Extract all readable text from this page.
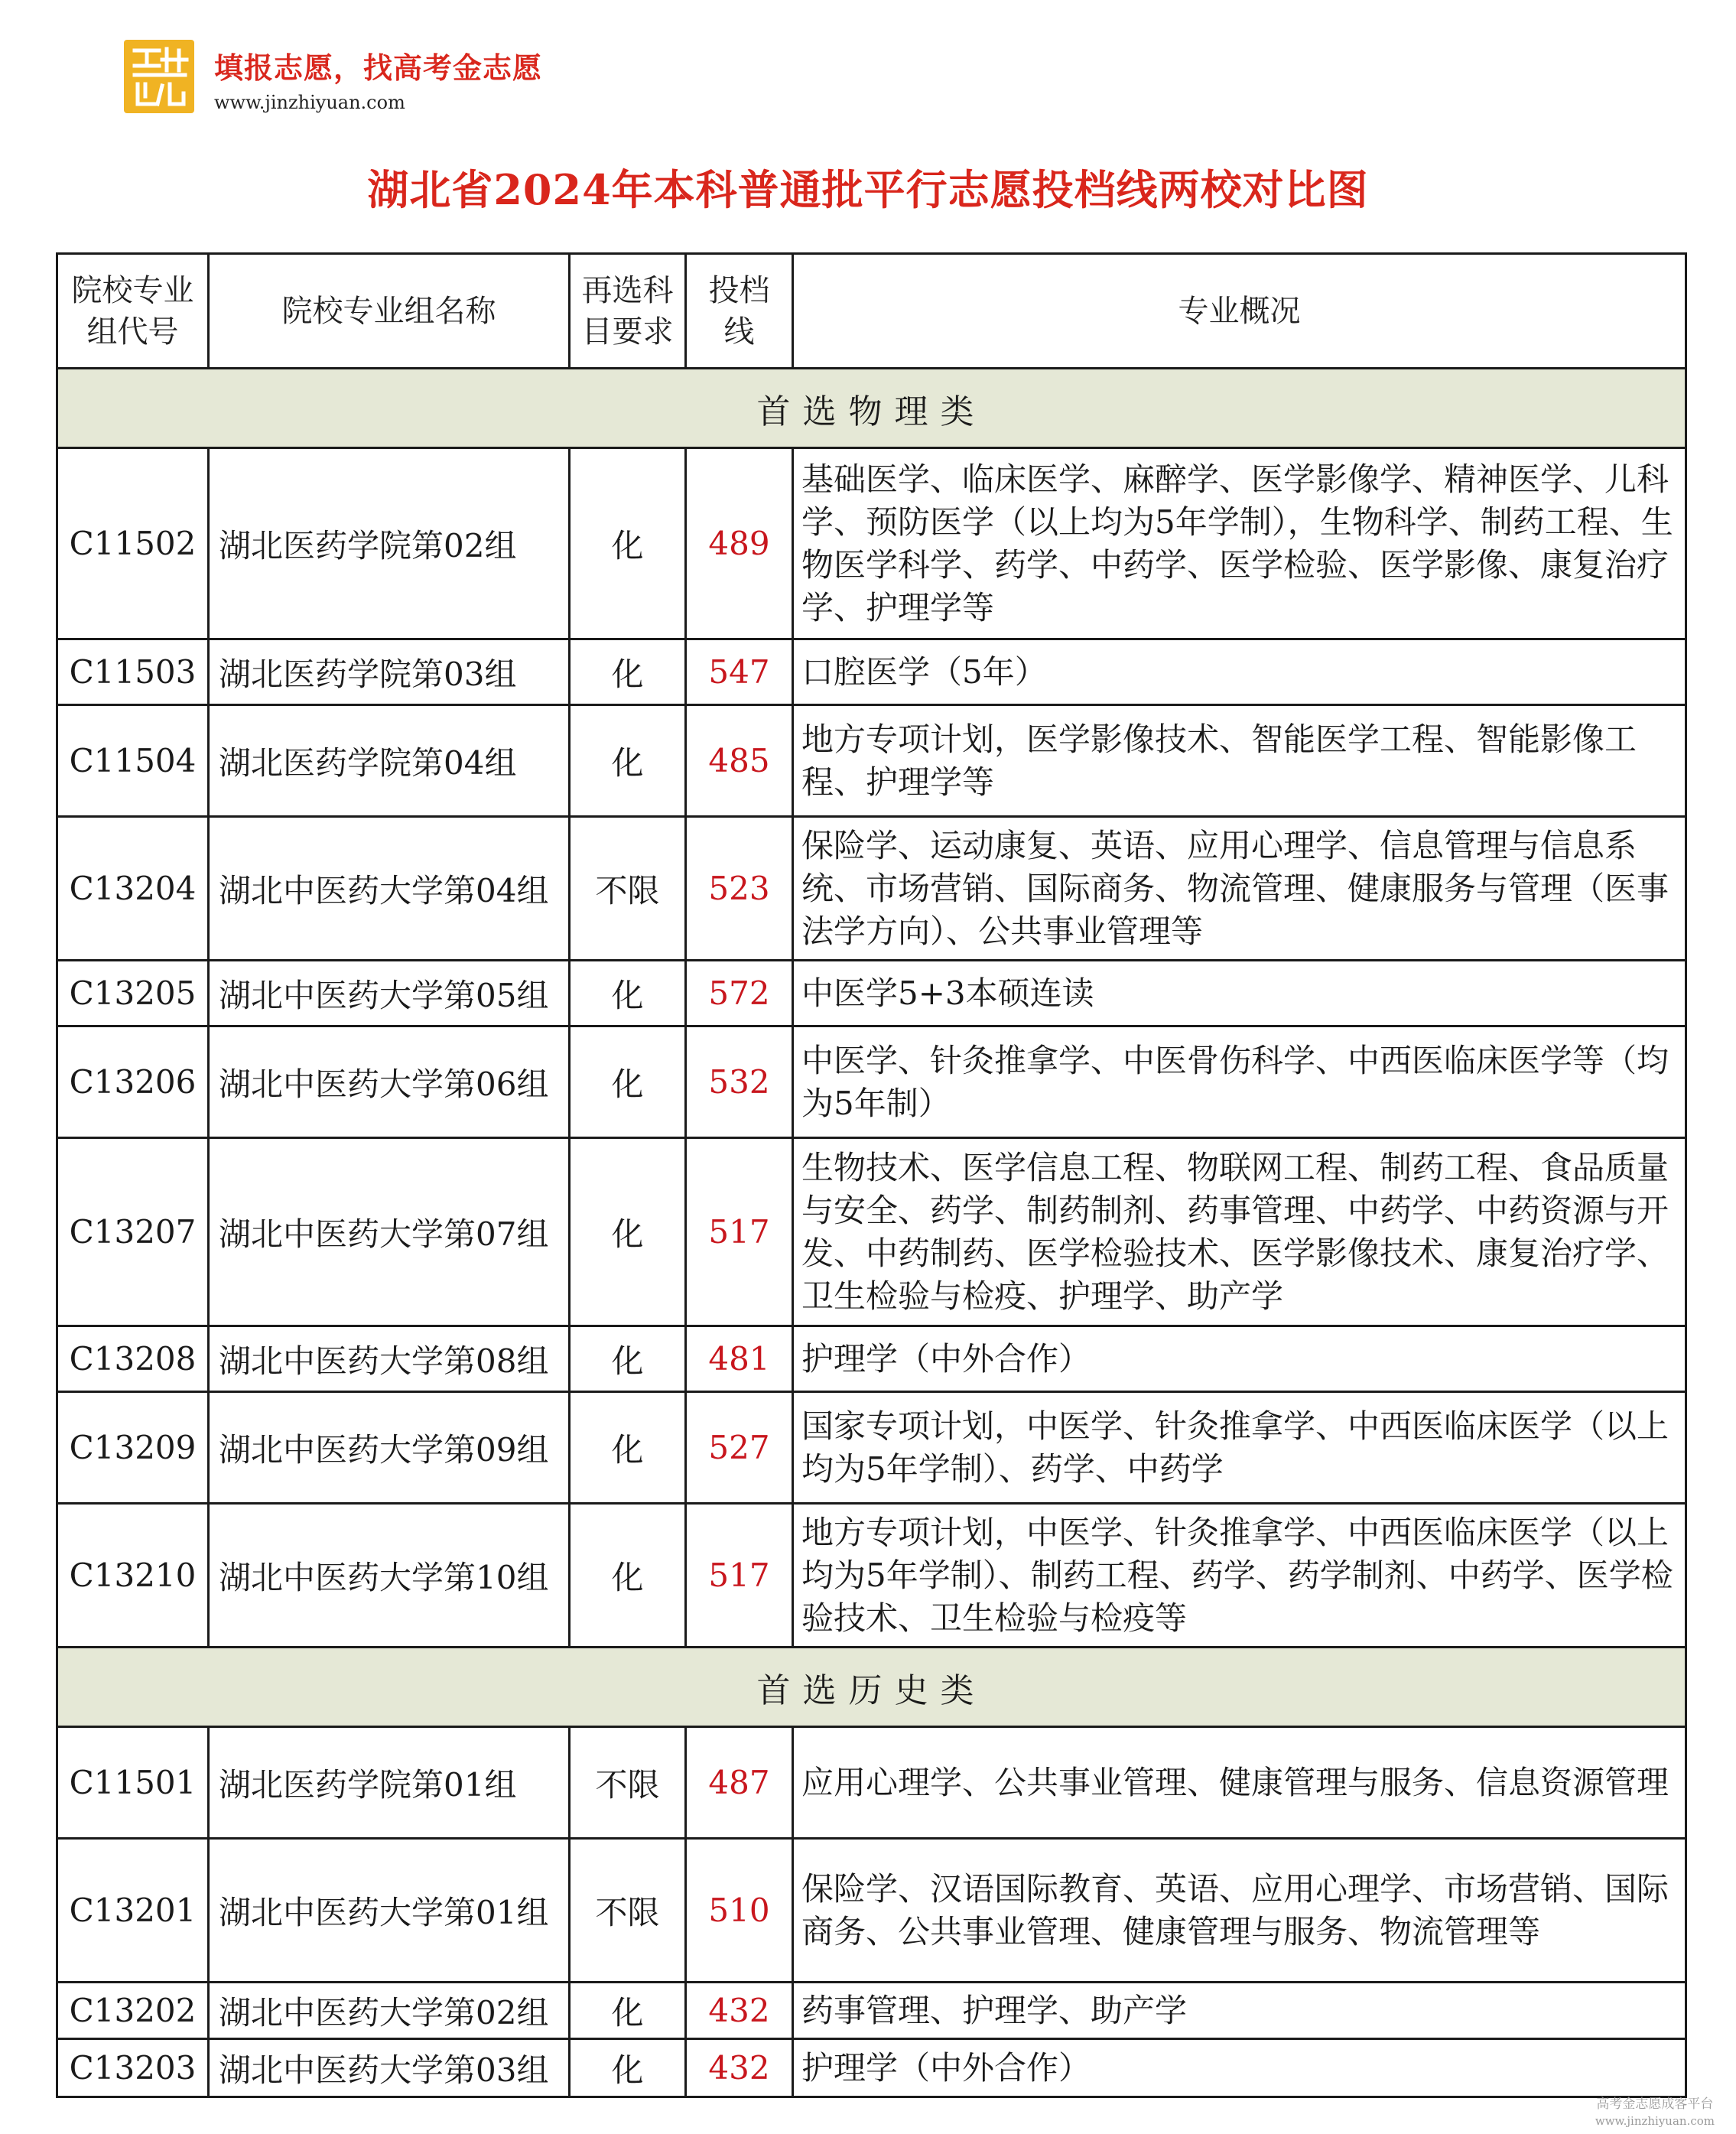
填报志愿，找高考金志愿
www.jinzhiyuan.com
湖北省2024年本科普通批平行志愿投档线两校对比图
院校专业组代号	院校专业组名称	再选科目要求	投档线	专业概况
首选物理类				
C11502	湖北医药学院第02组	化	489	基础医学、临床医学、麻醉学、医学影像学、精神医学、儿科学、预防医学（以上均为5年学制），生物科学、制药工程、生物医学科学、药学、中药学、医学检验、医学影像、康复治疗学、护理学等
C11503	湖北医药学院第03组	化	547	口腔医学（5年）
C11504	湖北医药学院第04组	化	485	地方专项计划，医学影像技术、智能医学工程、智能影像工程、护理学等
C13204	湖北中医药大学第04组	不限	523	保险学、运动康复、英语、应用心理学、信息管理与信息系统、市场营销、国际商务、物流管理、健康服务与管理（医事法学方向）、公共事业管理等
C13205	湖北中医药大学第05组	化	572	中医学5+3本硕连读
C13206	湖北中医药大学第06组	化	532	中医学、针灸推拿学、中医骨伤科学、中西医临床医学等（均为5年制）
C13207	湖北中医药大学第07组	化	517	生物技术、医学信息工程、物联网工程、制药工程、食品质量与安全、药学、制药制剂、药事管理、中药学、中药资源与开发、中药制药、医学检验技术、医学影像技术、康复治疗学、卫生检验与检疫、护理学、助产学
C13208	湖北中医药大学第08组	化	481	护理学（中外合作）
C13209	湖北中医药大学第09组	化	527	国家专项计划，中医学、针灸推拿学、中西医临床医学（以上均为5年学制）、药学、中药学
C13210	湖北中医药大学第10组	化	517	地方专项计划，中医学、针灸推拿学、中西医临床医学（以上均为5年学制）、制药工程、药学、药学制剂、中药学、医学检验技术、卫生检验与检疫等
首选历史类				
C11501	湖北医药学院第01组	不限	487	应用心理学、公共事业管理、健康管理与服务、信息资源管理
C13201	湖北中医药大学第01组	不限	510	保险学、汉语国际教育、英语、应用心理学、市场营销、国际商务、公共事业管理、健康管理与服务、物流管理等
C13202	湖北中医药大学第02组	化	432	药事管理、护理学、助产学
C13203	湖北中医药大学第03组	化	432	护理学（中外合作）
高考金志愿成客平台
www.jinzhiyuan.com
